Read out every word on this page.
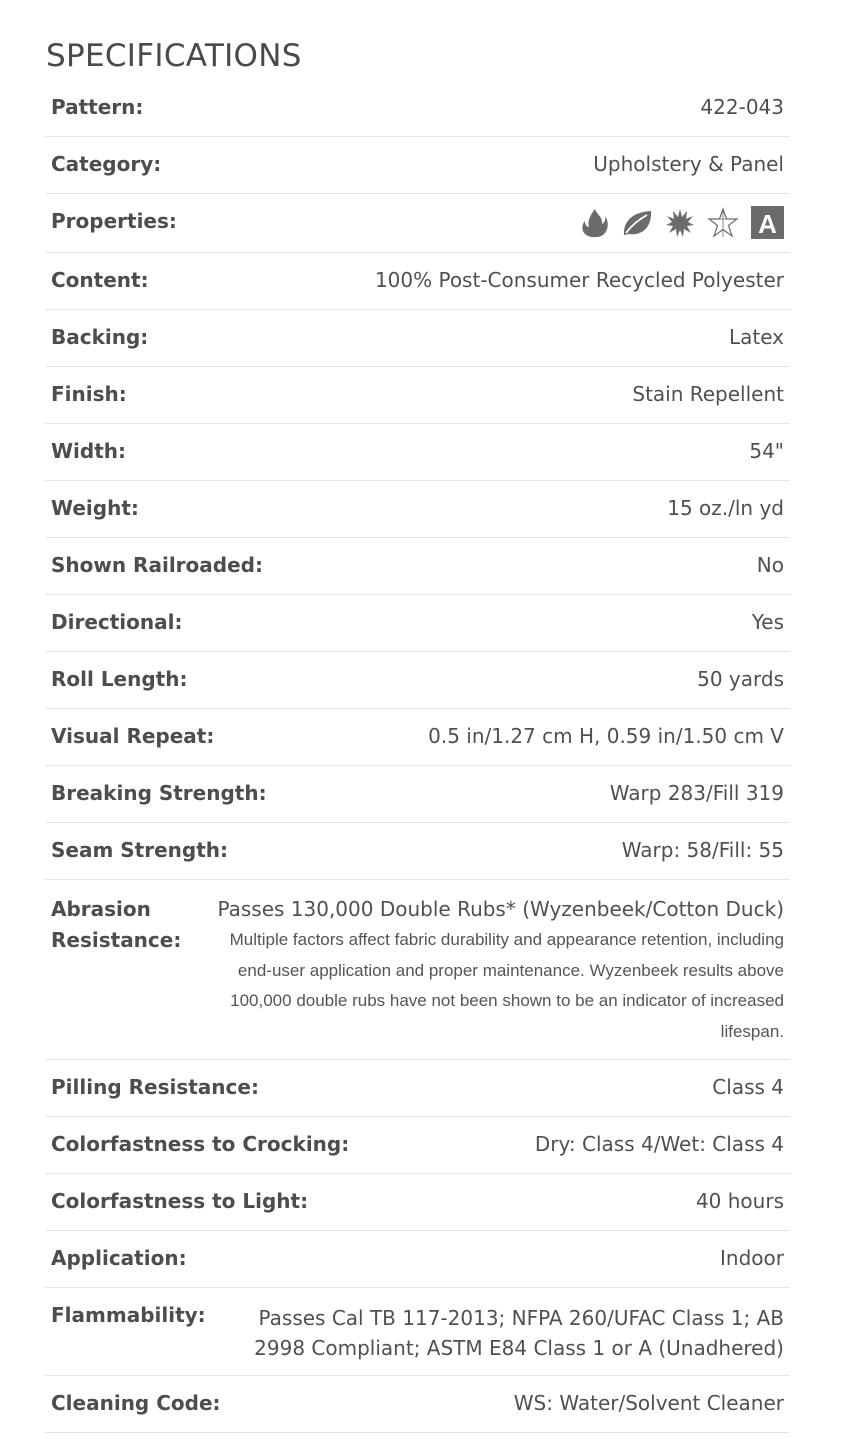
SPECIFICATIONS
Pattern:	422-043
Category:	Upholstery & Panel
Properties:	A
Content:	100% Post-Consumer Recycled Polyester
Backing:	Latex
Finish:	Stain Repellent
Width:	54"
Weight:	15 oz./ln yd
Shown Railroaded:	No
Directional:	Yes
Roll Length:	50 yards
Visual Repeat:	0.5 in/1.27 cm H, 0.59 in/1.50 cm V
Breaking Strength:	Warp 283/Fill 319
Seam Strength:	Warp: 58/Fill: 55
Abrasion Resistance:
Passes 130,000 Double Rubs* (Wyzenbeek/Cotton Duck)
Multiple factors affect fabric durability and appearance retention, including end-user application and proper maintenance. Wyzenbeek results above 100,000 double rubs have not been shown to be an indicator of increased lifespan.
Pilling Resistance:	Class 4
Colorfastness to Crocking:	Dry: Class 4/Wet: Class 4
Colorfastness to Light:	40 hours
Application:	Indoor
Flammability:	Passes Cal TB 117-2013; NFPA 260/UFAC Class 1; AB 2998 Compliant; ASTM E84 Class 1 or A (Unadhered)
Cleaning Code:	WS: Water/Solvent Cleaner
